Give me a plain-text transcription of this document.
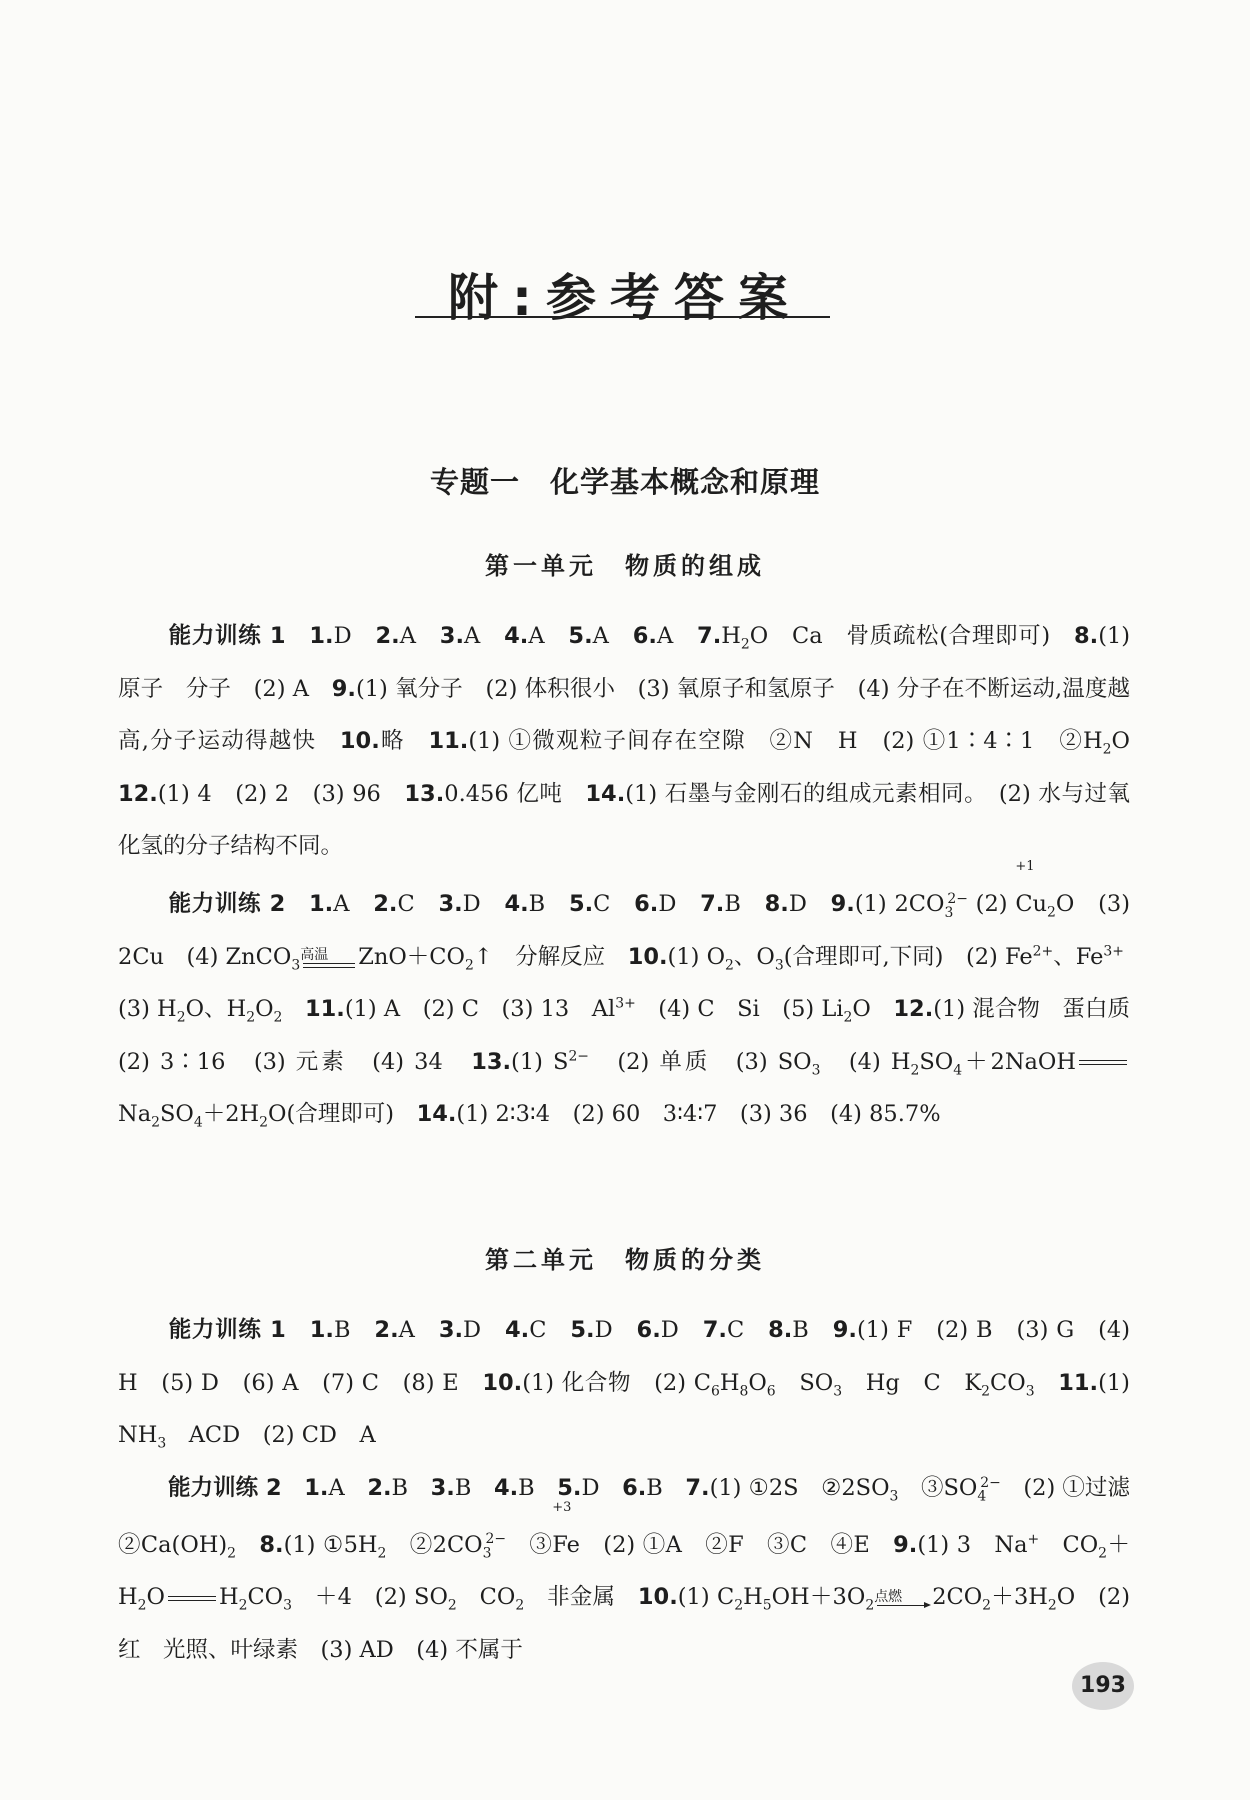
附:参考答案
专题一　化学基本概念和原理
第一单元　物质的组成
能力训练 1　 1.D　2.A　3.A　4.A　5.A　6.A　$7.H_2O$　Ca　骨质疏松(合理即可)　8.(1) 原子　分子　(2) A　9.(1) 氧分子　(2) 体积很小　(3) 氧原子和氢原子　(4) 分子在不断运动,温度越高,分子运动得越快　10.略　11.(1) ①微观粒子间存在空隙　②N　H　(2) ①1∶4∶1　$②H_2O$　12.(1) 4　(2) 2　(3) 96　13.0.456 亿吨　14.(1) 石墨与金刚石的组成元素相同。　(2) 水与过氧化氢的分子结构不同。
能力训练 2　 1.A　2.C　3.D　4.B　5.C　6.D　7.B　8.D　9.(1) $2CO_3^{2-}$ (2)
+1
$Cu_2O$　(3) 2Cu　(4) ZnCO$_3$
高温	$ZnO+CO_2↑$　分解反应　10.(1) $O_2$、$O_3$(合理即可,下同)　(2) $Fe^{2+}$、$Fe^{3+}$　(3) $H_2O$、$H_2O_2$　 11.(1) A　(2) C　(3) 13　$Al^{3+}$　(4) C　Si　(5) $Li_2O$　12.(1) 混合物　蛋白质　(2) 3∶16　(3) 元素　(4) 34　13.(1) $S^{2-}$　(2) 单质　(3) $SO_3$　(4) $H_2SO_4+2NaOHNa_2SO_4+2H_2O$(合理即可)　14.(1) 2∶3∶4　(2) 60　3∶4∶7　(3) 36　(4) 85.7%
第二单元　物质的分类
能力训练 1　 1.B　2.A　3.D　4.C　5.D　6.D　7.C　8.B　9.(1) F　(2) B　(3) G　(4) H　(5) D　(6) A　(7) C　(8) E　10.(1) 化合物　(2) $C_6H_8O_6$　$SO_3$　Hg　C　$K_2CO_3$　 11.(1) $NH_3$　ACD　(2) CD　A
能力训练 2　 1.A　2.B　3.B　4.B　5.D　6.B　7.(1) ①2S　$②2SO_3$　$③SO_4^{2-}$　(2) ①过滤　$②Ca(OH)_2$　 8.(1) $①5H_2$　$②2CO_3^{2-}$　③
+3
Fe　(2) ①A　②F　③C　④E　9.(1) 3　Na+　$CO_2+H_2O$ $H_2CO_3$　＋4　(2) $SO_2$　$CO_2$　非金属　10.(1) $C_2H_5OH+3O_2$
点燃	$2CO_2+3H_2O$　(2) 红　光照、叶绿素　(3) AD　(4) 不属于
193
